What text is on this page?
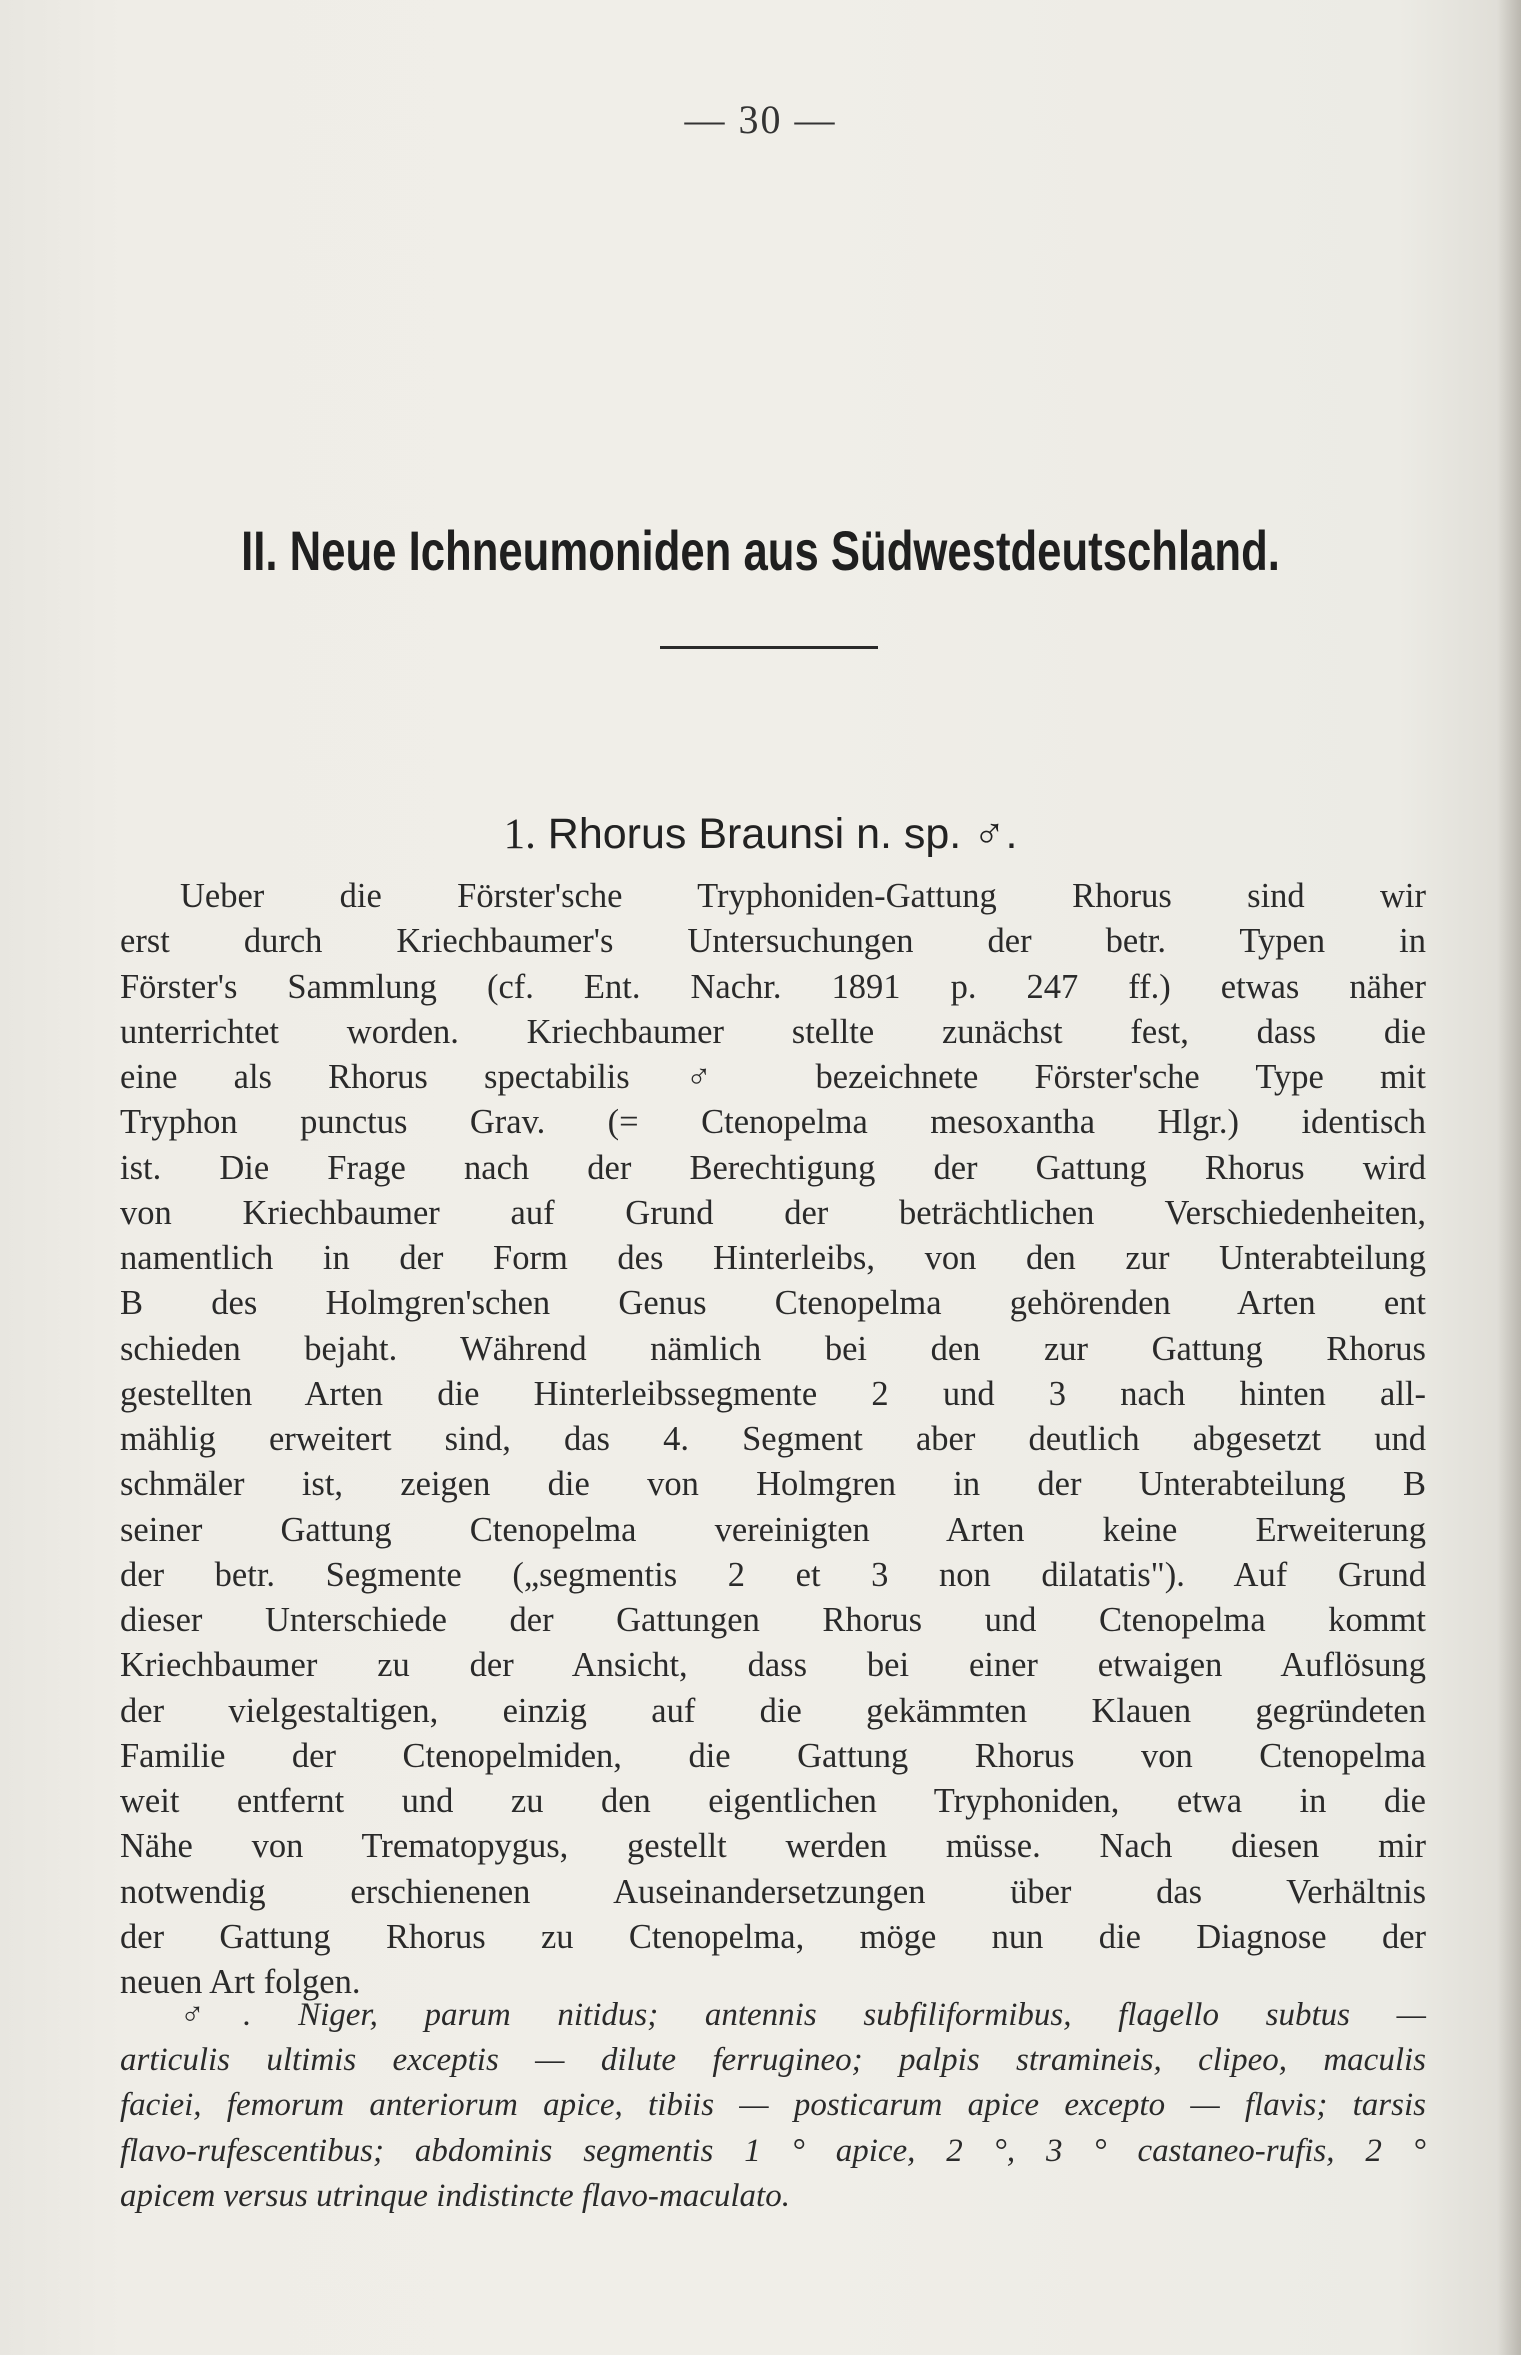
— 30 —
II. Neue Ichneumoniden aus Südwestdeutschland.
1. Rhorus Braunsi n. sp. ♂.
Ueber die Förster'sche Tryphoniden-Gattung Rhorus sind wir
erst durch Kriechbaumer's Untersuchungen der betr. Typen in
Förster's Sammlung (cf. Ent. Nachr. 1891 p. 247 ff.) etwas näher
unterrichtet worden. Kriechbaumer stellte zunächst fest, dass die
eine als Rhorus spectabilis ♂ bezeichnete Förster'sche Type mit
Tryphon punctus Grav. (= Ctenopelma mesoxantha Hlgr.) identisch
ist. Die Frage nach der Berechtigung der Gattung Rhorus wird
von Kriechbaumer auf Grund der beträchtlichen Verschiedenheiten,
namentlich in der Form des Hinterleibs, von den zur Unterabteilung
B des Holmgren'schen Genus Ctenopelma gehörenden Arten ent
schieden bejaht. Während nämlich bei den zur Gattung Rhorus
gestellten Arten die Hinterleibssegmente 2 und 3 nach hinten all-
mählig erweitert sind, das 4. Segment aber deutlich abgesetzt und
schmäler ist, zeigen die von Holmgren in der Unterabteilung B
seiner Gattung Ctenopelma vereinigten Arten keine Erweiterung
der betr. Segmente („segmentis 2 et 3 non dilatatis"). Auf Grund
dieser Unterschiede der Gattungen Rhorus und Ctenopelma kommt
Kriechbaumer zu der Ansicht, dass bei einer etwaigen Auflösung
der vielgestaltigen, einzig auf die gekämmten Klauen gegründeten
Familie der Ctenopelmiden, die Gattung Rhorus von Ctenopelma
weit entfernt und zu den eigentlichen Tryphoniden, etwa in die
Nähe von Trematopygus, gestellt werden müsse. Nach diesen mir
notwendig erschienenen Auseinandersetzungen über das Verhältnis
der Gattung Rhorus zu Ctenopelma, möge nun die Diagnose der
neuen Art folgen.
♂. Niger, parum nitidus; antennis subfiliformibus, flagello subtus —
articulis ultimis exceptis — dilute ferrugineo; palpis stramineis, clipeo, maculis
faciei, femorum anteriorum apice, tibiis — posticarum apice excepto — flavis; tarsis
flavo-rufescentibus; abdominis segmentis 1 ° apice, 2 °, 3 ° castaneo-rufis, 2 °
apicem versus utrinque indistincte flavo-maculato.
